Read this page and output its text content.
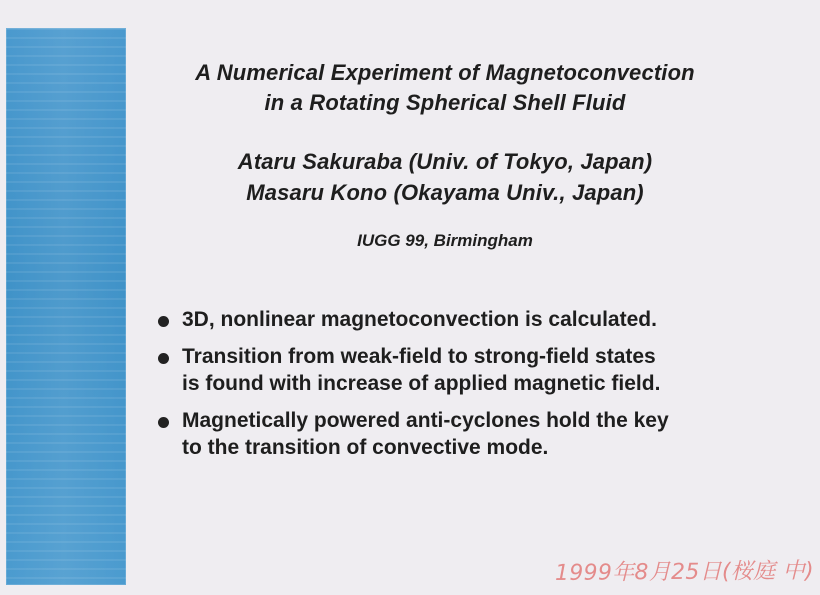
A Numerical Experiment of Magnetoconvection
in a Rotating Spherical Shell Fluid
Ataru Sakuraba (Univ. of Tokyo, Japan)
Masaru Kono (Okayama Univ., Japan)
IUGG 99, Birmingham
3D, nonlinear magnetoconvection is calculated.
Transition from weak-field to strong-field states
is found with increase of applied magnetic field.
Magnetically powered anti-cyclones hold the key
to the transition of convective mode.
1999年8月25日(桜庭 中)
